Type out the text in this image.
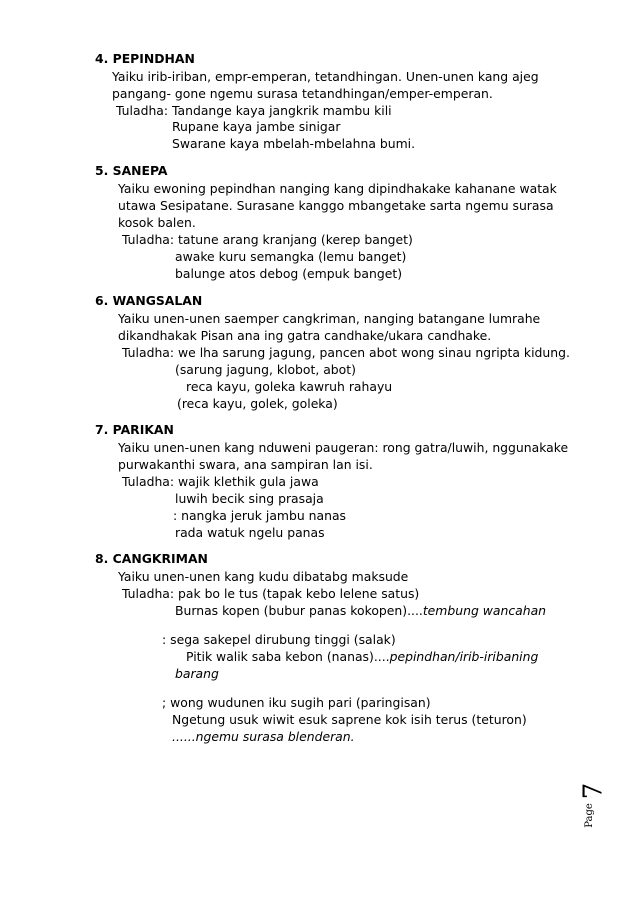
4. PEPINDHAN
Yaiku irib-iriban, empr-emperan, tetandhingan. Unen-unen kang ajeg
pangang- gone ngemu surasa tetandhingan/emper-emperan.
Tuladha: Tandange kaya jangkrik mambu kili
Rupane kaya jambe sinigar
Swarane kaya mbelah-mbelahna bumi.
5. SANEPA
Yaiku ewoning pepindhan nanging kang dipindhakake kahanane watak
utawa Sesipatane. Surasane kanggo mbangetake sarta ngemu surasa
kosok balen.
Tuladha: tatune arang kranjang (kerep banget)
awake kuru semangka (lemu banget)
balunge atos debog (empuk banget)
6. WANGSALAN
Yaiku unen-unen saemper cangkriman, nanging batangane lumrahe
dikandhakak Pisan ana ing gatra candhake/ukara candhake.
Tuladha: we lha sarung jagung, pancen abot wong sinau ngripta kidung.
(sarung jagung, klobot, abot)
reca kayu, goleka kawruh rahayu
(reca kayu, golek, goleka)
7. PARIKAN
Yaiku unen-unen kang nduweni paugeran: rong gatra/luwih, nggunakake
purwakanthi swara, ana sampiran lan isi.
Tuladha: wajik klethik gula jawa
luwih becik sing prasaja
: nangka jeruk jambu nanas
rada watuk ngelu panas
8. CANGKRIMAN
Yaiku unen-unen kang kudu dibatabg maksude
Tuladha: pak bo le tus (tapak kebo lelene satus)
Burnas kopen (bubur panas kokopen)....tembung wancahan
: sega sakepel dirubung tinggi (salak)
Pitik walik saba kebon (nanas)....pepindhan/irib-iribaning
barang
; wong wudunen iku sugih pari (paringisan)
Ngetung usuk wiwit esuk saprene kok isih terus (teturon)
......ngemu surasa blenderan.
7
Page
